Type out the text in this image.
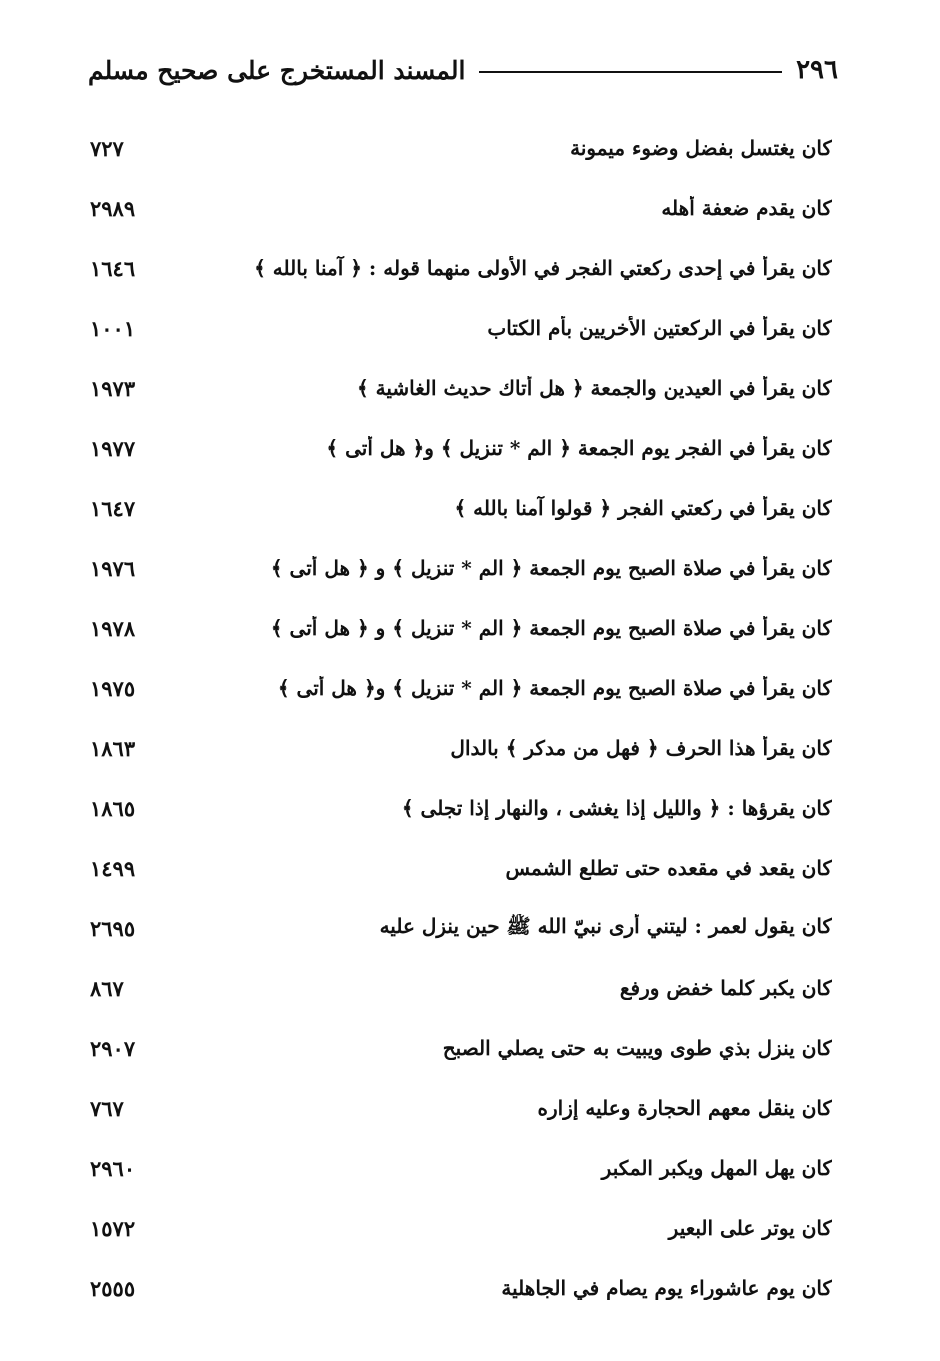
٢٩٦
المسند المستخرج على صحيح مسلم
كان يغتسل بفضل وضوء ميمونة
٧٢٧
كان يقدم ضعفة أهله
٢٩٨٩
كان يقرأ في إحدى ركعتي الفجر في الأولى منهما قوله : ﴿ آمنا بالله ﴾
١٦٤٦
كان يقرأ في الركعتين الأخريين بأم الكتاب
١٠٠١
كان يقرأ في العيدين والجمعة ﴿ هل أتاك حديث الغاشية ﴾
١٩٧٣
كان يقرأ في الفجر يوم الجمعة ﴿ الم * تنزيل ﴾ و﴿ هل أتى ﴾
١٩٧٧
كان يقرأ في ركعتي الفجر ﴿ قولوا آمنا بالله ﴾
١٦٤٧
كان يقرأ في صلاة الصبح يوم الجمعة ﴿ الم * تنزيل ﴾ و ﴿ هل أتى ﴾
١٩٧٦
كان يقرأ في صلاة الصبح يوم الجمعة ﴿ الم * تنزيل ﴾ و ﴿ هل أتى ﴾
١٩٧٨
كان يقرأ في صلاة الصبح يوم الجمعة ﴿ الم * تنزيل ﴾ و﴿ هل أتى ﴾
١٩٧٥
كان يقرأ هذا الحرف ﴿ فهل من مدكر ﴾ بالدال
١٨٦٣
كان يقرؤها : ﴿ والليل إذا يغشى ، والنهار إذا تجلى ﴾
١٨٦٥
كان يقعد في مقعده حتى تطلع الشمس
١٤٩٩
كان يقول لعمر : ليتني أرى نبيّ الله ﷺ حين ينزل عليه
٢٦٩٥
كان يكبر كلما خفض ورفع
٨٦٧
كان ينزل بذي طوى ويبيت به حتى يصلي الصبح
٢٩٠٧
كان ينقل معهم الحجارة وعليه إزاره
٧٦٧
كان يهل المهل ويكبر المكبر
٢٩٦٠
كان يوتر على البعير
١٥٧٢
كان يوم عاشوراء يوم يصام في الجاهلية
٢٥٥٥
